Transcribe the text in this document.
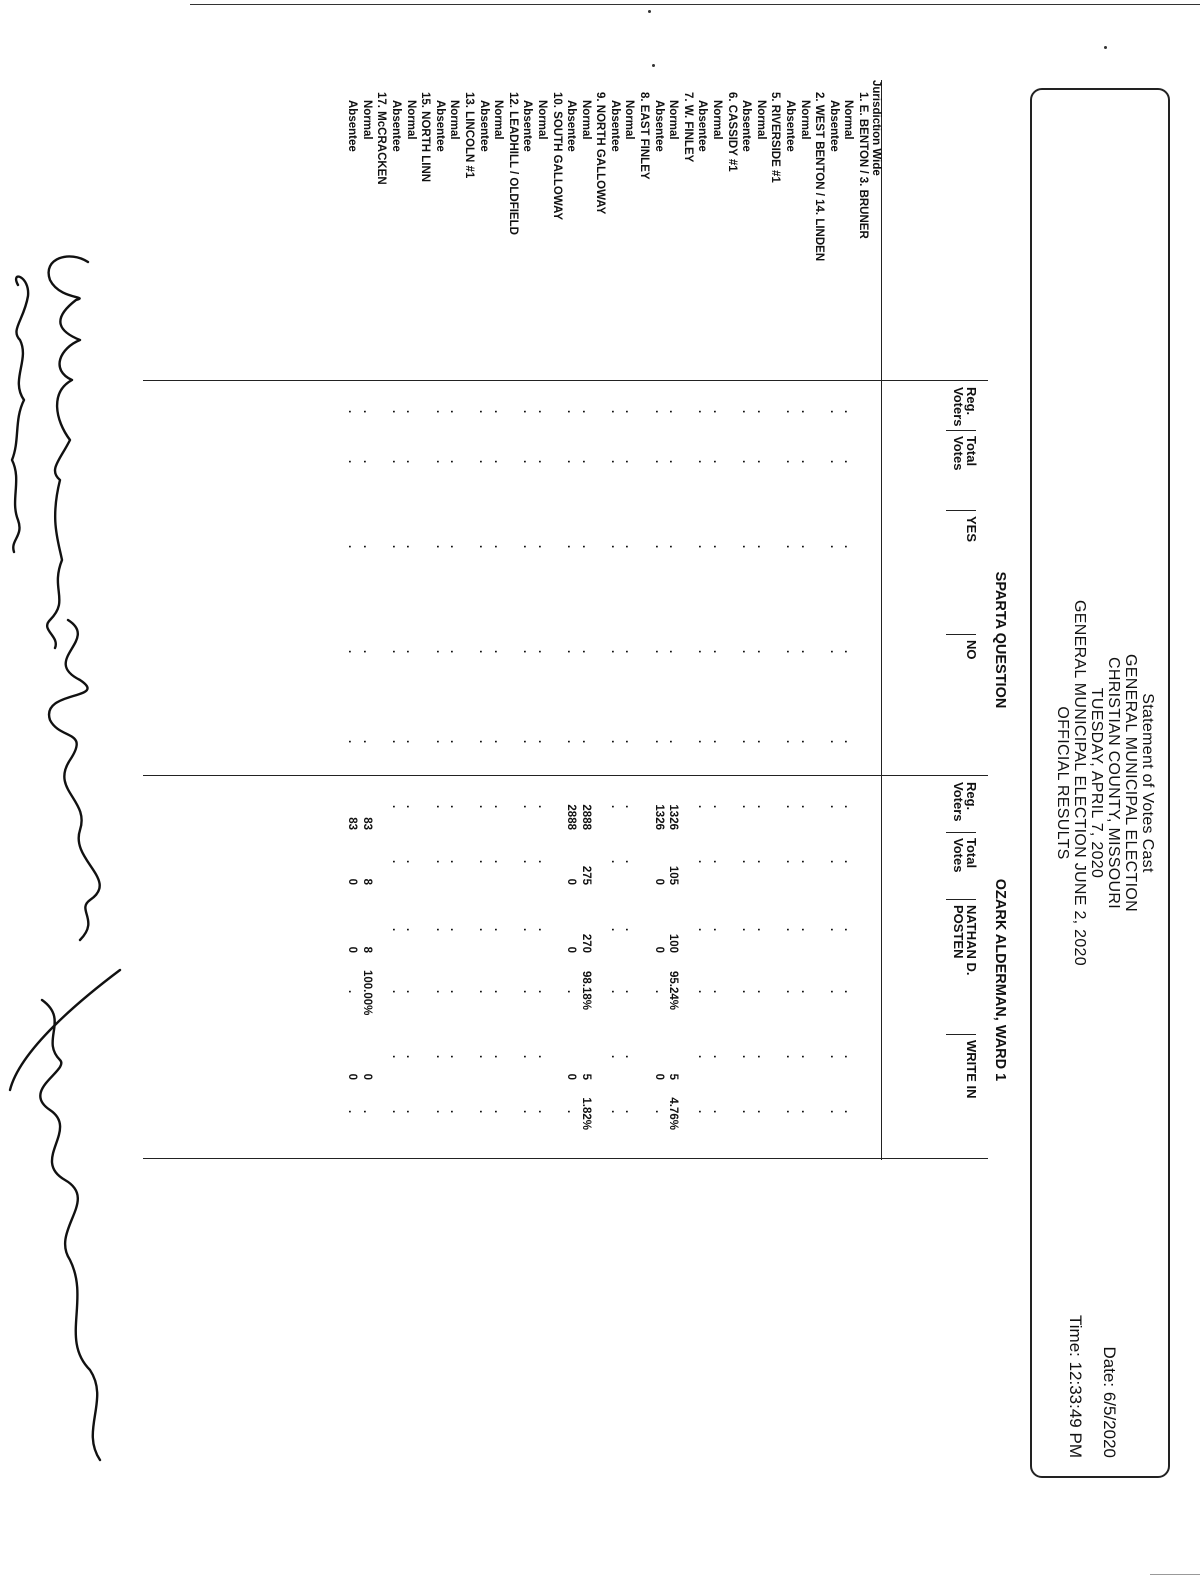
Statement of Votes Cast
GENERAL MUNICIPAL ELECTION
CHRISTIAN COUNTY, MISSOURI
TUESDAY, APRIL 7, 2020
GENERAL MUNICIPAL ELECTION JUNE 2, 2020
OFFICIAL RESULTS
Date: 6/5/2020
Time: 12:33:49 PM
SPARTA QUESTION
OZARK ALDERMAN, WARD 1
Reg.
Voters
Total
Votes
YES
NO
Reg.
Voters
Total
Votes
NATHAN D.
POSTEN
WRITE IN
Jurisdiction Wide
1. E. BENTON / 3. BRUNER
Normal
Absentee
2. WEST BENTON / 14. LINDEN
Normal
Absentee
5. RIVERSIDE #1
Normal
Absentee
6. CASSIDY #1
Normal
Absentee
7. W. FINLEY
Normal
Absentee
8. EAST FINLEY
Normal
Absentee
9. NORTH GALLOWAY
Normal
Absentee
10. SOUTH GALLOWAY
Normal
Absentee
12. LEADHILL / OLDFIELD
Normal
Absentee
13. LINCOLN #1
Normal
Absentee
15. NORTH LINN
Normal
Absentee
17. McCRACKEN
Normal
Absentee
.
.
.
.
.
.
.
.
.
.
.
.
.
.
.
.
.
.
.
.
.
.
.
.
.
.
.
.
.
.
.
.
.
.
.
.
.
.
.
.
.
.
.
.
.
.
.
.
.
.
.
.
.
.
.
.
.
.
.
.
.
.
.
.
.
.
.
.
.
.
.
.
.
.
.
.
.
.
.
.
.
.
.
.
.
.
.
.
.
.
.
.
.
1326
105
100
95.24%
5
4.76%
.
.
.
.
.
1326
0
0
.
0
.
.
.
.
.
.
.
.
.
.
.
.
.
.
.
.
.
.
.
.
.
.
.
.
.
.
.
.
2888
275
270
98.18%
5
1.82%
.
.
.
.
.
2888
0
0
.
0
.
.
.
.
.
.
.
.
.
.
.
.
.
.
.
.
.
.
.
.
.
.
.
.
.
.
.
.
.
.
.
.
.
.
.
.
.
.
.
.
.
.
.
.
.
.
.
.
.
.
.
.
.
.
.
.
.
.
.
.
.
.
.
.
.
.
.
.
.
.
.
.
.
.
.
.
.
.
.
.
.
.
.
.
.
.
.
.
.
.
.
.
.
.
83
8
8
100.00%
0
.
.
.
.
.
.
83
0
0
.
0
.
